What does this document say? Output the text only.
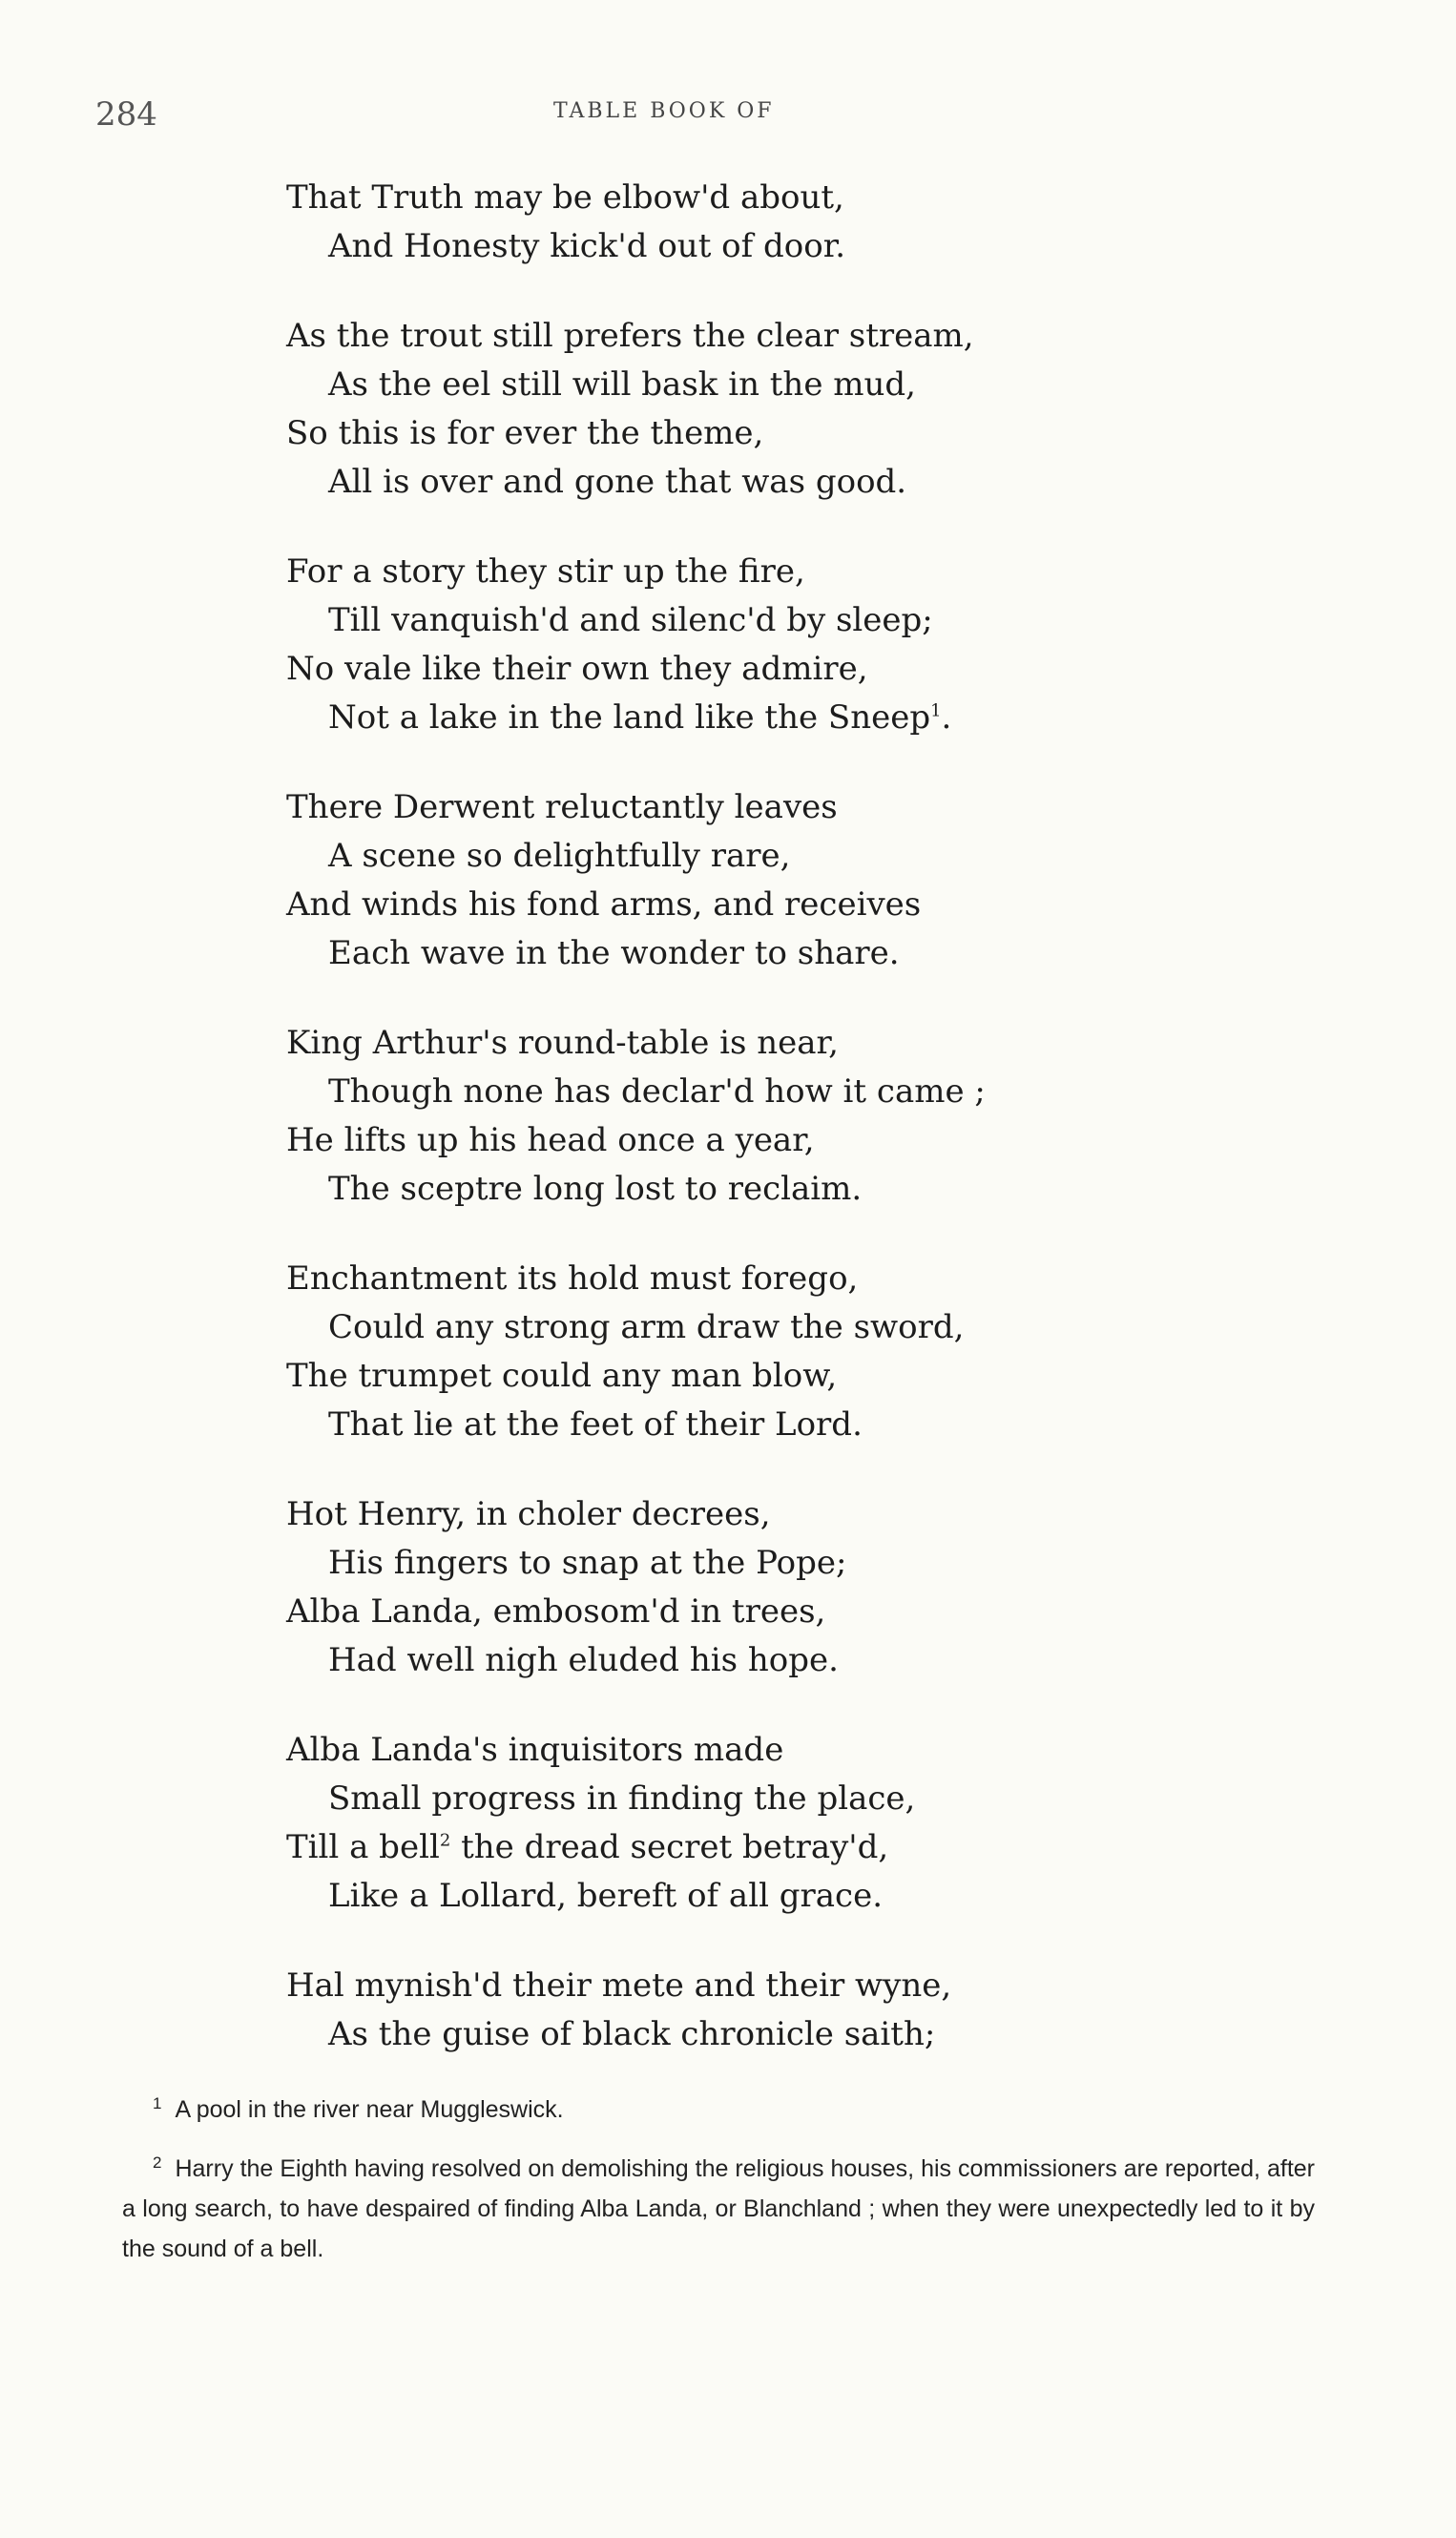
284	TABLE BOOK OF
That Truth may be elbow'd about,
And Honesty kick'd out of door.
As the trout still prefers the clear stream,
As the eel still will bask in the mud,
So this is for ever the theme,
All is over and gone that was good.
For a story they stir up the fire,
Till vanquish'd and silenc'd by sleep;
No vale like their own they admire,
Not a lake in the land like the Sneep$^1$.
There Derwent reluctantly leaves
A scene so delightfully rare,
And winds his fond arms, and receives
Each wave in the wonder to share.
King Arthur's round-table is near,
Though none has declar'd how it came ;
He lifts up his head once a year,
The sceptre long lost to reclaim.
Enchantment its hold must forego,
Could any strong arm draw the sword,
The trumpet could any man blow,
That lie at the feet of their Lord.
Hot Henry, in choler decrees,
His fingers to snap at the Pope;
Alba Landa, embosom'd in trees,
Had well nigh eluded his hope.
Alba Landa's inquisitors made
Small progress in finding the place,
Till a bell$^2$ the dread secret betray'd,
Like a Lollard, bereft of all grace.
Hal mynish'd their mete and their wyne,
As the guise of black chronicle saith;
$^1$ A pool in the river near Muggleswick.
$^2$ Harry the Eighth having resolved on demolishing the religious houses, his commissioners are reported, after a long search, to have despaired of finding Alba Landa, or Blanchland ; when they were unexpectedly led to it by the sound of a bell.
